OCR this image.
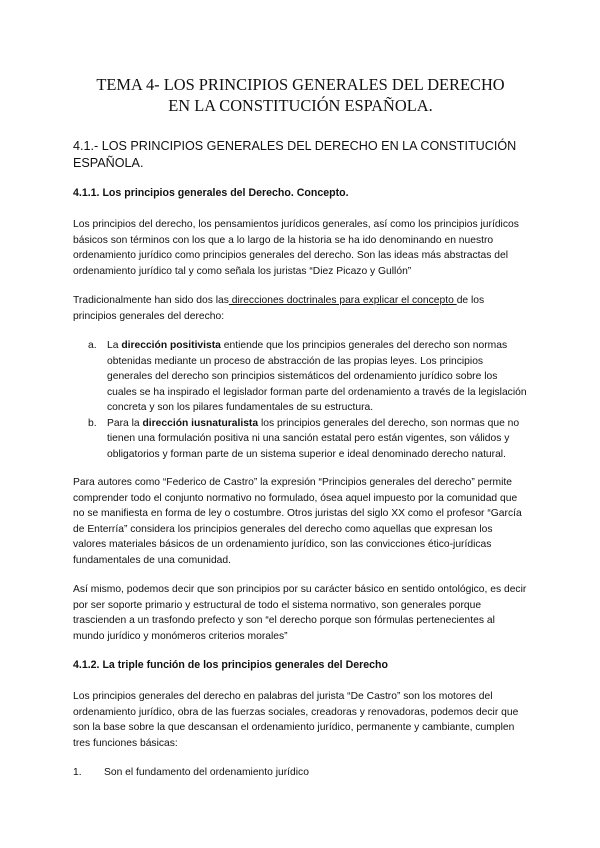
TEMA 4- LOS PRINCIPIOS GENERALES DEL DERECHO
EN LA CONSTITUCIÓN ESPAÑOLA.
4.1.- LOS PRINCIPIOS GENERALES DEL DERECHO EN LA CONSTITUCIÓN ESPAÑOLA.
4.1.1. Los principios generales del Derecho. Concepto.

Los principios del derecho, los pensamientos jurídicos generales, así como los principios jurídicos básicos son términos con los que a lo largo de la historia se ha ido denominando en nuestro ordenamiento jurídico como principios generales del derecho. Son las ideas más abstractas del ordenamiento jurídico tal y como señala los juristas “Diez Picazo y Gullón”

Tradicionalmente han sido dos las direcciones doctrinales para explicar el concepto de los principios generales del derecho:

a. La dirección positivista entiende que los principios generales del derecho son normas obtenidas mediante un proceso de abstracción de las propias leyes. Los principios generales del derecho son principios sistemáticos del ordenamiento jurídico sobre los cuales se ha inspirado el legislador forman parte del ordenamiento a través de la legislación concreta y son los pilares fundamentales de su estructura.
b. Para la dirección iusnaturalista los principios generales del derecho, son normas que no tienen una formulación positiva ni una sanción estatal pero están vigentes, son válidos y obligatorios y forman parte de un sistema superior e ideal denominado derecho natural.

Para autores como “Federico de Castro” la expresión “Principios generales del derecho” permite comprender todo el conjunto normativo no formulado, ósea aquel impuesto por la comunidad que no se manifiesta en forma de ley o costumbre. Otros juristas del siglo XX como el profesor “García de Enterría” considera los principios generales del derecho como aquellas que expresan los valores materiales básicos de un ordenamiento jurídico, son las convicciones ético-jurídicas fundamentales de una comunidad.

Así mismo, podemos decir que son principios por su carácter básico en sentido ontológico, es decir por ser soporte primario y estructural de todo el sistema normativo, son generales porque trascienden a un trasfondo prefecto y son “el derecho porque son fórmulas pertenecientes al mundo jurídico y monómeros criterios morales”

4.1.2. La triple función de los principios generales del Derecho

Los principios generales del derecho en palabras del jurista “De Castro” son los motores del ordenamiento jurídico, obra de las fuerzas sociales, creadoras y renovadoras, podemos decir que son la base sobre la que descansan el ordenamiento jurídico, permanente y cambiante, cumplen tres funciones básicas:

1. Son el fundamento del ordenamiento jurídico
